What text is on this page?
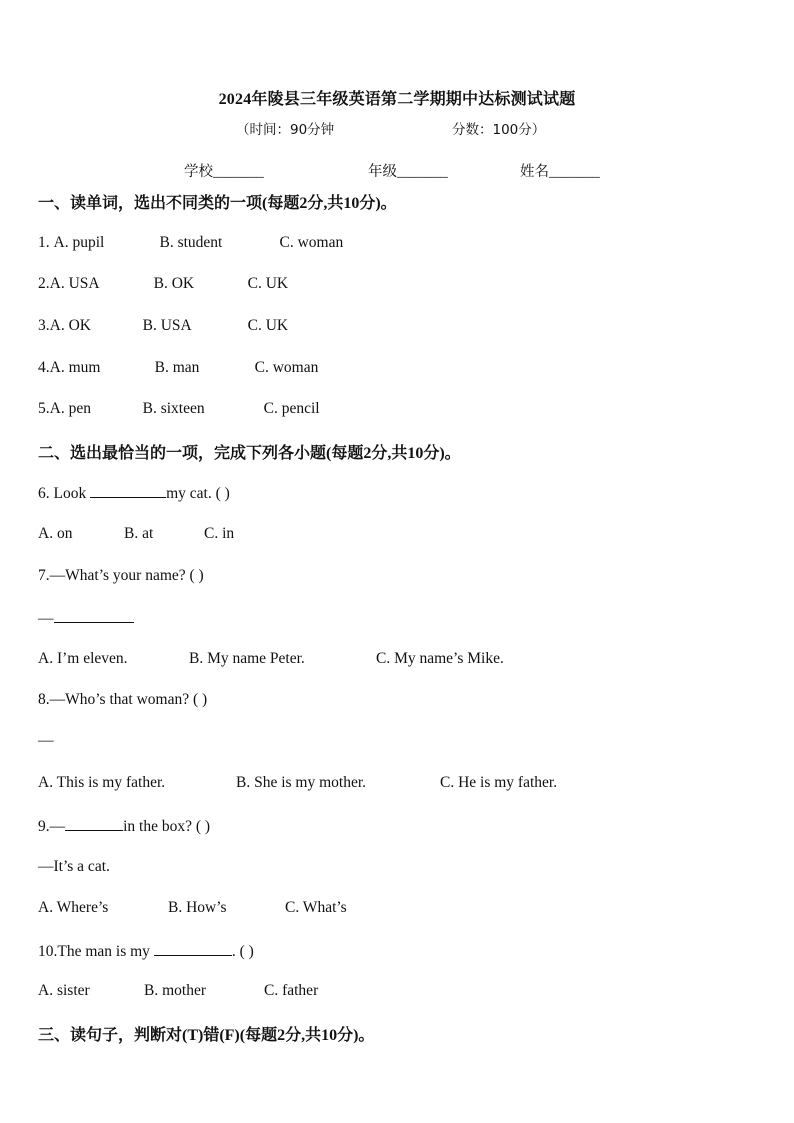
2024年陵县三年级英语第二学期期中达标测试试题
（时间：90分钟	分数：100分）
学校_______	年级_______	姓名_______
一、读单词，选出不同类的一项(每题2分,共10分)。
1. A. pupil	B. student	C. woman
2.A. USA	B. OK	C. UK
3.A. OK	B. USA	C. UK
4.A. mum	B. man	C. woman
5.A. pen	B. sixteen	C. pencil
二、选出最恰当的一项，完成下列各小题(每题2分,共10分)。
6. Look	my cat. ( )
A. on	B. at	C. in
7.—What’s your name? ( )
—
A. I’m eleven.	B. My name Peter.	C. My name’s Mike.
8.—Who’s that woman? ( )
—
A. This is my father.	B. She is my mother.	C. He is my father.
9.—	in the box? ( )
—It’s a cat.
A. Where’s	B. How’s	C. What’s
10.The man is my	. ( )
A. sister	B. mother	C. father
三、读句子，判断对(T)错(F)(每题2分,共10分)。
